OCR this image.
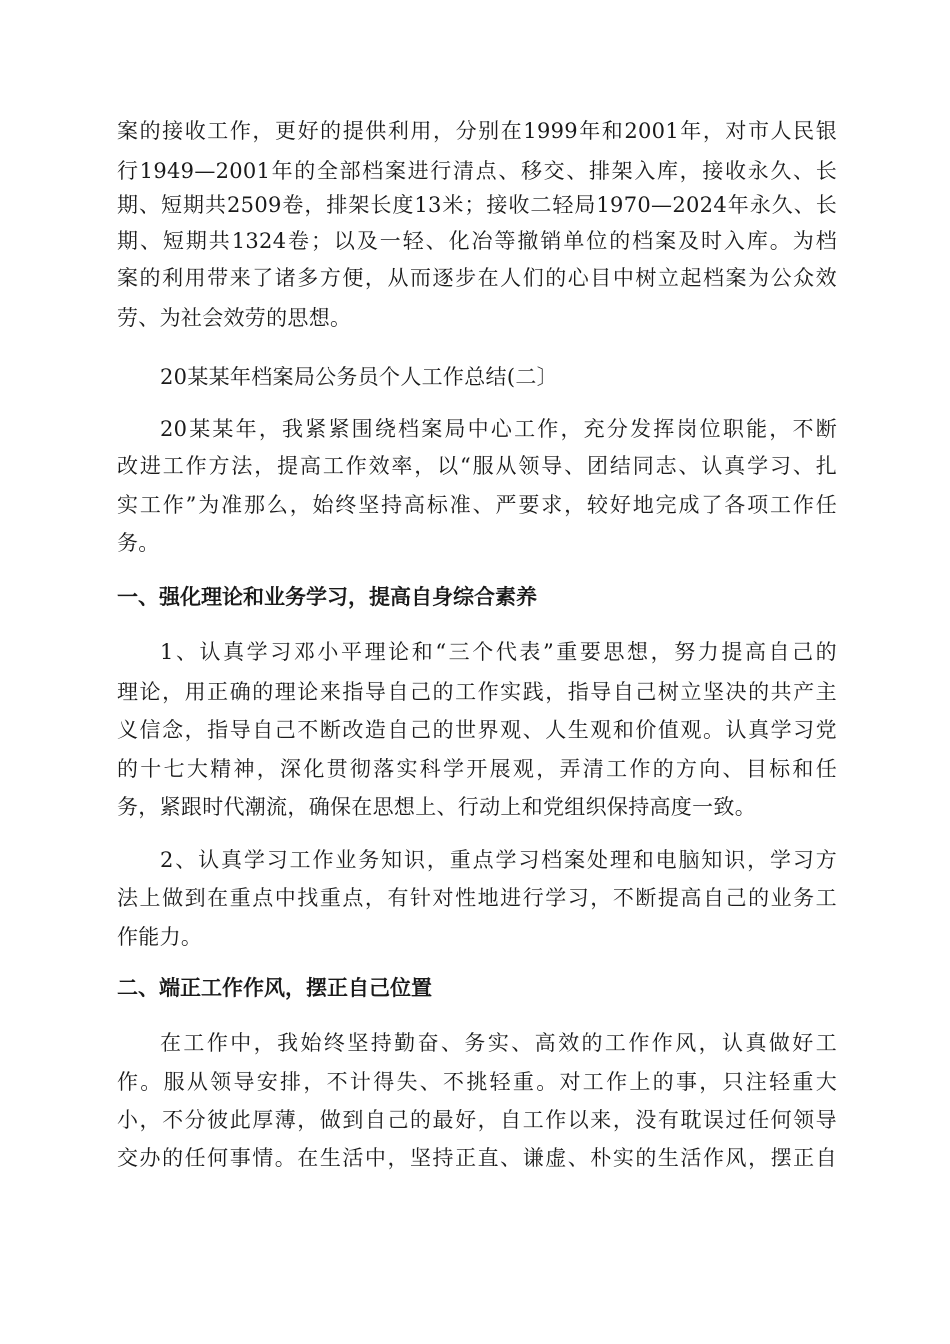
案的接收工作，更好的提供利用，分别在1999年和2001年，对市人民银
行1949—2001年的全部档案进行清点、移交、排架入库，接收永久、长
期、短期共2509卷，排架长度13米；接收二轻局1970—2024年永久、长
期、短期共1324卷；以及一轻、化冶等撤销单位的档案及时入库。为档
案的利用带来了诸多方便，从而逐步在人们的心目中树立起档案为公众效
劳、为社会效劳的思想。
20某某年档案局公务员个人工作总结(二〕
20某某年，我紧紧围绕档案局中心工作，充分发挥岗位职能，不断
改进工作方法，提高工作效率，以“服从领导、团结同志、认真学习、扎
实工作”为准那么，始终坚持高标准、严要求，较好地完成了各项工作任
务。
一、强化理论和业务学习，提高自身综合素养
1、认真学习邓小平理论和“三个代表”重要思想，努力提高自己的
理论，用正确的理论来指导自己的工作实践，指导自己树立坚决的共产主
义信念，指导自己不断改造自己的世界观、人生观和价值观。认真学习党
的十七大精神，深化贯彻落实科学开展观，弄清工作的方向、目标和任
务，紧跟时代潮流，确保在思想上、行动上和党组织保持高度一致。
2、认真学习工作业务知识，重点学习档案处理和电脑知识，学习方
法上做到在重点中找重点，有针对性地进行学习，不断提高自己的业务工
作能力。
二、端正工作作风，摆正自己位置
在工作中，我始终坚持勤奋、务实、高效的工作作风，认真做好工
作。服从领导安排，不计得失、不挑轻重。对工作上的事，只注轻重大
小，不分彼此厚薄，做到自己的最好，自工作以来，没有耽误过任何领导
交办的任何事情。在生活中，坚持正直、谦虚、朴实的生活作风，摆正自
